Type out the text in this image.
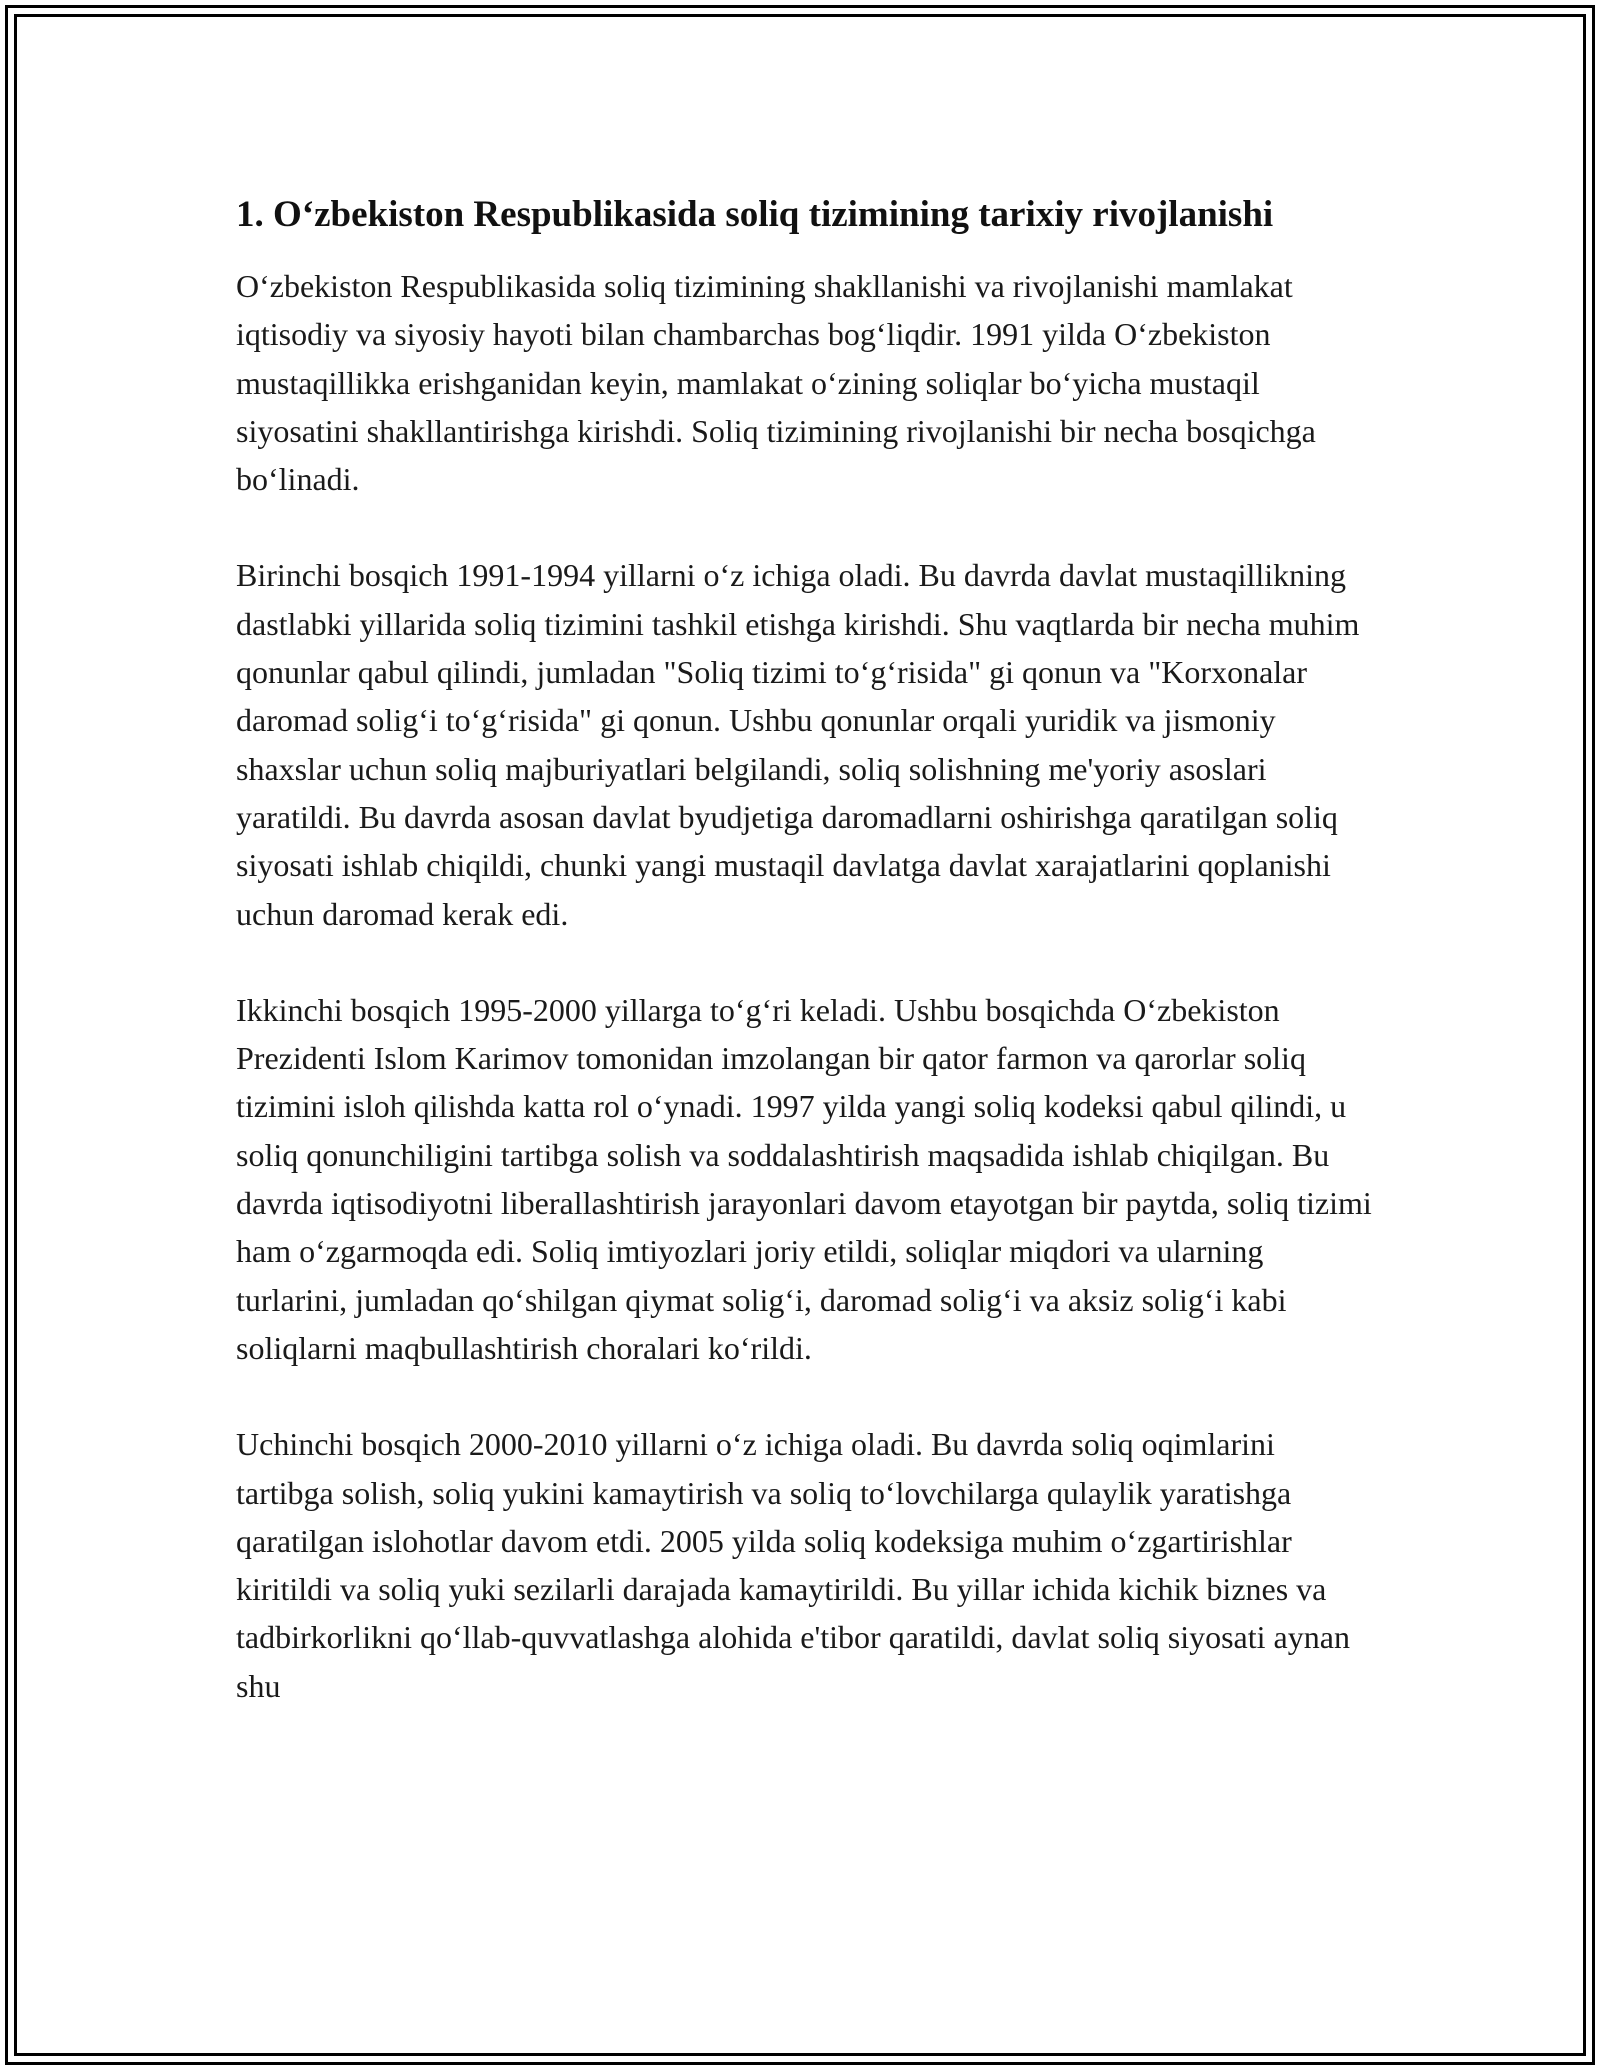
1. O‘zbekiston Respublikasida soliq tizimining tarixiy rivojlanishi

O‘zbekiston Respublikasida soliq tizimining shakllanishi va rivojlanishi mamlakat iqtisodiy va siyosiy hayoti bilan chambarchas bog‘liqdir. 1991 yilda O‘zbekiston mustaqillikka erishganidan keyin, mamlakat o‘zining soliqlar bo‘yicha mustaqil siyosatini shakllantirishga kirishdi. Soliq tizimining rivojlanishi bir necha bosqichga bo‘linadi.

Birinchi bosqich 1991-1994 yillarni o‘z ichiga oladi. Bu davrda davlat mustaqillikning dastlabki yillarida soliq tizimini tashkil etishga kirishdi. Shu vaqtlarda bir necha muhim qonunlar qabul qilindi, jumladan "Soliq tizimi to‘g‘risida" gi qonun va "Korxonalar daromad solig‘i to‘g‘risida" gi qonun. Ushbu qonunlar orqali yuridik va jismoniy shaxslar uchun soliq majburiyatlari belgilandi, soliq solishning me'yoriy asoslari yaratildi. Bu davrda asosan davlat byudjetiga daromadlarni oshirishga qaratilgan soliq siyosati ishlab chiqildi, chunki yangi mustaqil davlatga davlat xarajatlarini qoplanishi uchun daromad kerak edi.

Ikkinchi bosqich 1995-2000 yillarga to‘g‘ri keladi. Ushbu bosqichda O‘zbekiston Prezidenti Islom Karimov tomonidan imzolangan bir qator farmon va qarorlar soliq tizimini isloh qilishda katta rol o‘ynadi. 1997 yilda yangi soliq kodeksi qabul qilindi, u soliq qonunchiligini tartibga solish va soddalashtirish maqsadida ishlab chiqilgan. Bu davrda iqtisodiyotni liberallashtirish jarayonlari davom etayotgan bir paytda, soliq tizimi ham o‘zgarmoqda edi. Soliq imtiyozlari joriy etildi, soliqlar miqdori va ularning turlarini, jumladan qo‘shilgan qiymat solig‘i, daromad solig‘i va aksiz solig‘i kabi soliqlarni maqbullashtirish choralari ko‘rildi.

Uchinchi bosqich 2000-2010 yillarni o‘z ichiga oladi. Bu davrda soliq oqimlarini tartibga solish, soliq yukini kamaytirish va soliq to‘lovchilarga qulaylik yaratishga qaratilgan islohotlar davom etdi. 2005 yilda soliq kodeksiga muhim o‘zgartirishlar kiritildi va soliq yuki sezilarli darajada kamaytirildi. Bu yillar ichida kichik biznes va tadbirkorlikni qo‘llab-quvvatlashga alohida e'tibor qaratildi, davlat soliq siyosati aynan shu
